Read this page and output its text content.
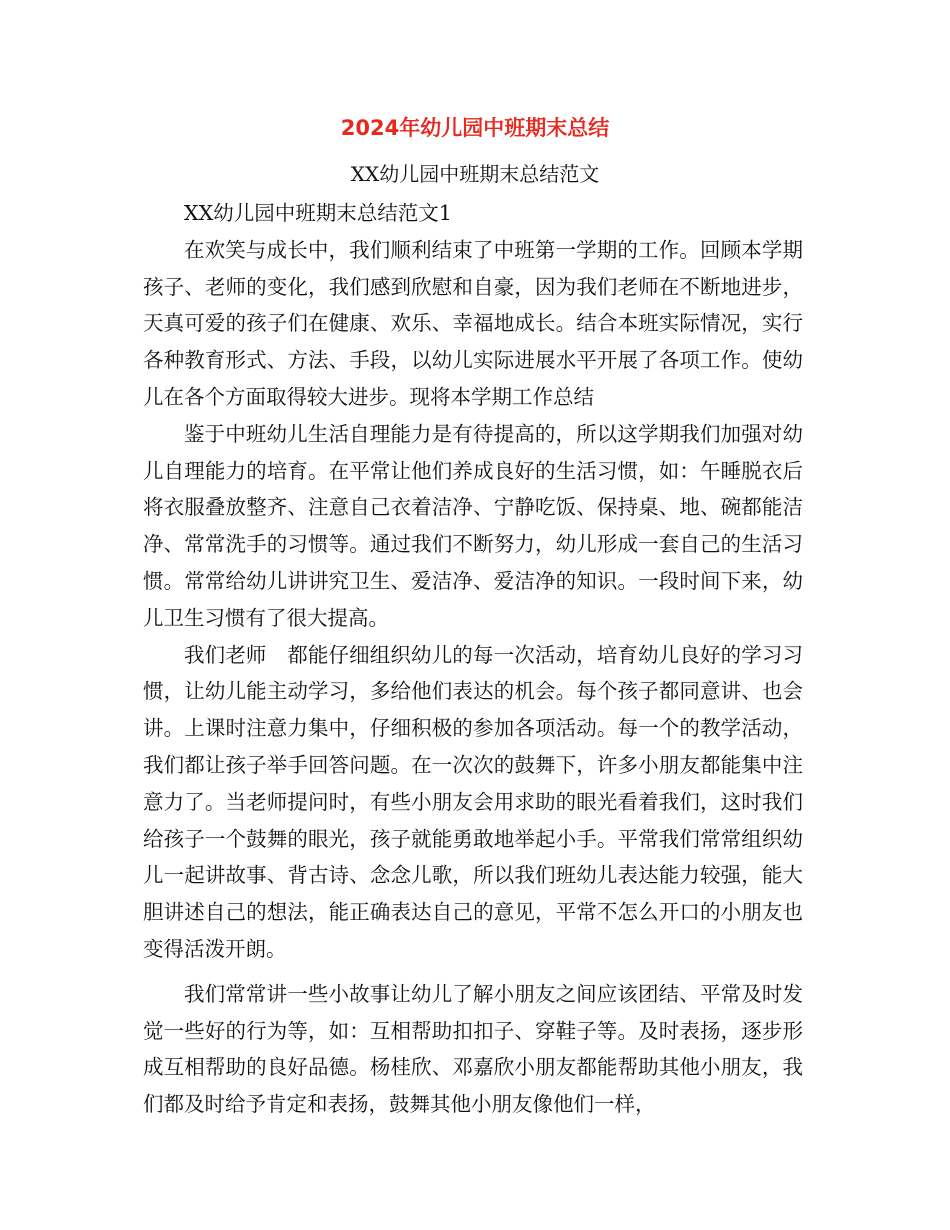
2024年幼儿园中班期末总结
XX幼儿园中班期末总结范文

XX幼儿园中班期末总结范文1

在欢笑与成长中，我们顺利结束了中班第一学期的工作。回顾本学期孩子、老师的变化，我们感到欣慰和自豪，因为我们老师在不断地进步，天真可爱的孩子们在健康、欢乐、幸福地成长。结合本班实际情况，实行各种教育形式、方法、手段，以幼儿实际进展水平开展了各项工作。使幼儿在各个方面取得较大进步。现将本学期工作总结

鉴于中班幼儿生活自理能力是有待提高的，所以这学期我们加强对幼儿自理能力的培育。在平常让他们养成良好的生活习惯，如：午睡脱衣后将衣服叠放整齐、注意自己衣着洁净、宁静吃饭、保持桌、地、碗都能洁净、常常洗手的习惯等。通过我们不断努力，幼儿形成一套自己的生活习惯。常常给幼儿讲讲究卫生、爱洁净、爱洁净的知识。一段时间下来，幼儿卫生习惯有了很大提高。

我们老师　都能仔细组织幼儿的每一次活动，培育幼儿良好的学习习惯，让幼儿能主动学习，多给他们表达的机会。每个孩子都同意讲、也会讲。上课时注意力集中，仔细积极的参加各项活动。每一个的教学活动，我们都让孩子举手回答问题。在一次次的鼓舞下，许多小朋友都能集中注意力了。当老师提问时，有些小朋友会用求助的眼光看着我们，这时我们给孩子一个鼓舞的眼光，孩子就能勇敢地举起小手。平常我们常常组织幼儿一起讲故事、背古诗、念念儿歌，所以我们班幼儿表达能力较强，能大胆讲述自己的想法，能正确表达自己的意见，平常不怎么开口的小朋友也变得活泼开朗。

我们常常讲一些小故事让幼儿了解小朋友之间应该团结、平常及时发觉一些好的行为等，如：互相帮助扣扣子、穿鞋子等。及时表扬，逐步形成互相帮助的良好品德。杨桂欣、邓嘉欣小朋友都能帮助其他小朋友，我们都及时给予肯定和表扬，鼓舞其他小朋友像他们一样，
